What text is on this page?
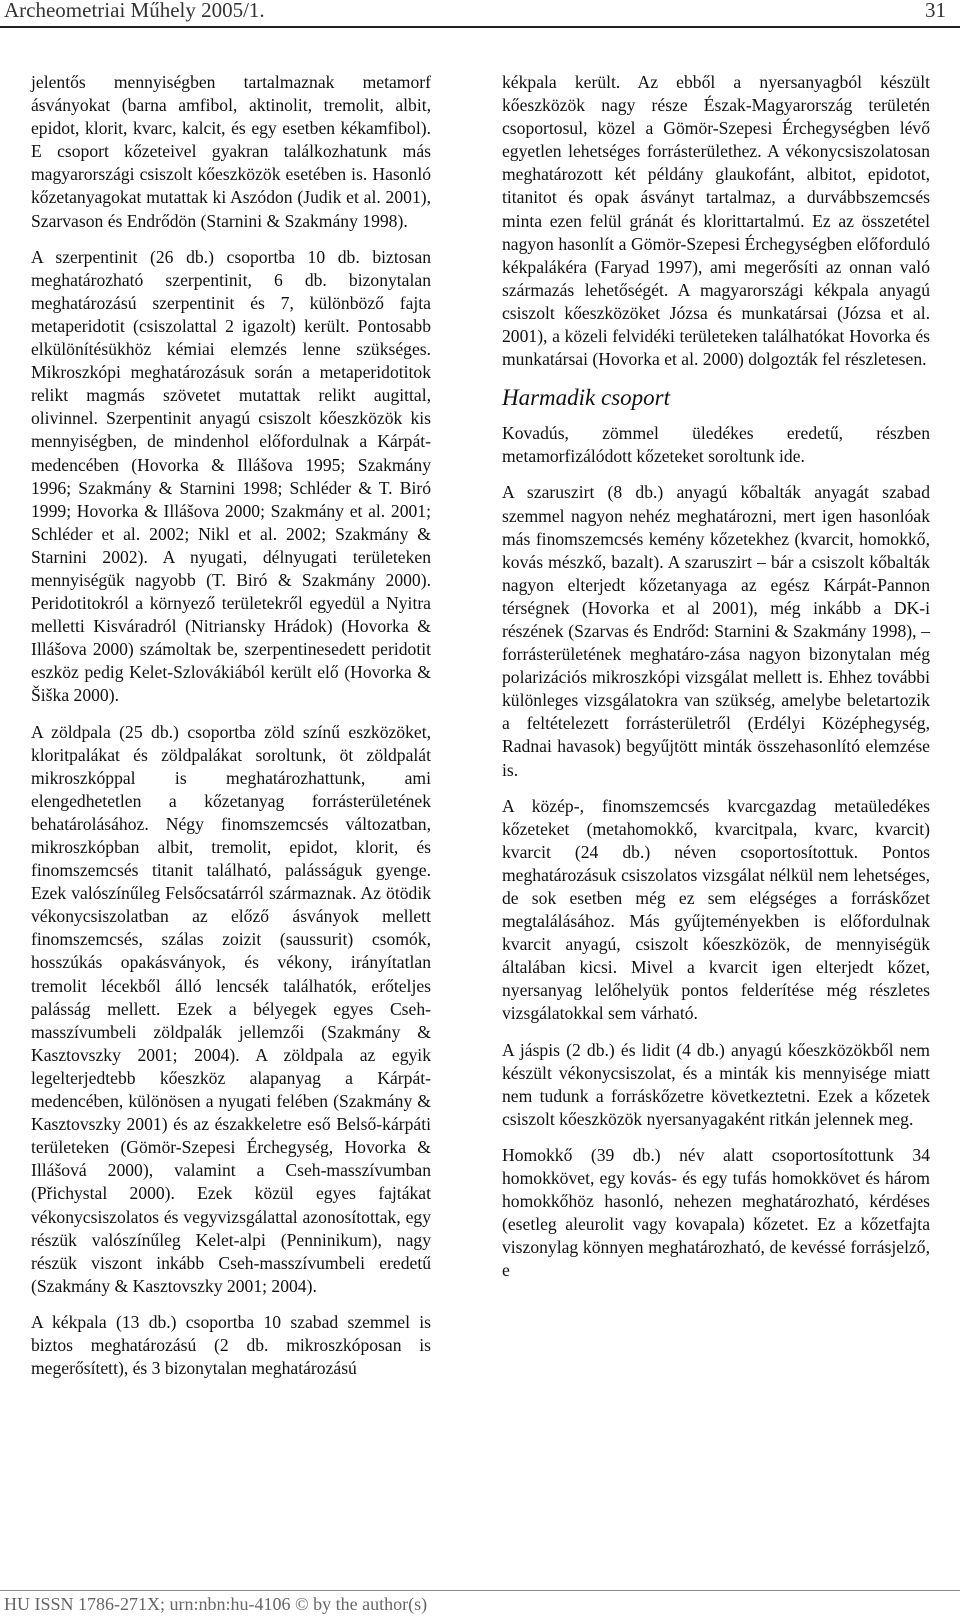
Archeometriai Műhely 2005/1.	31

jelentős mennyiségben tartalmaznak metamorf ásványokat (barna amfibol, aktinolit, tremolit, albit, epidot, klorit, kvarc, kalcit, és egy esetben kékamfibol). E csoport kőzeteivel gyakran találkozhatunk más magyarországi csiszolt kőeszközök esetében is. Hasonló kőzetanyagokat mutattak ki Aszódon (Judik et al. 2001), Szarvason és Endrődön (Starnini & Szakmány 1998).

A szerpentinit (26 db.) csoportba 10 db. biztosan meghatározható szerpentinit, 6 db. bizonytalan meghatározású szerpentinit és 7, különböző fajta metaperidotit (csiszolattal 2 igazolt) került. Pontosabb elkülönítésükhöz kémiai elemzés lenne szükséges. Mikroszkópi meghatározásuk során a metaperidotitok relikt magmás szövetet mutattak relikt augittal, olivinnel. Szerpentinit anyagú csiszolt kőeszközök kis mennyiségben, de mindenhol előfordulnak a Kárpát-medencében (Hovorka & Illášova 1995; Szakmány 1996; Szakmány & Starnini 1998; Schléder & T. Biró 1999; Hovorka & Illášova 2000; Szakmány et al. 2001; Schléder et al. 2002; Nikl et al. 2002; Szakmány & Starnini 2002). A nyugati, délnyugati területeken mennyiségük nagyobb (T. Biró & Szakmány 2000). Peridotitokról a környező területekről egyedül a Nyitra melletti Kisváradról (Nitriansky Hrádok) (Hovorka & Illášova 2000) számoltak be, szerpentinesedett peridotit eszköz pedig Kelet-Szlovákiából került elő (Hovorka & Šiška 2000).

A zöldpala (25 db.) csoportba zöld színű eszközöket, kloritpalákat és zöldpalákat soroltunk, öt zöldpalát mikroszkóppal is meghatározhattunk, ami elengedhetetlen a kőzetanyag forrásterületének behatárolásához. Négy finomszemcsés változatban, mikroszkópban albit, tremolit, epidot, klorit, és finomszemcsés titanit található, palásságuk gyenge. Ezek valószínűleg Felsőcsatárról származnak. Az ötödik vékonycsiszolatban az előző ásványok mellett finomszemcsés, szálas zoizit (saussurit) csomók, hosszúkás opakásványok, és vékony, irányítatlan tremolit lécekből álló lencsék találhatók, erőteljes palásság mellett. Ezek a bélyegek egyes Cseh-masszívumbeli zöldpalák jellemzői (Szakmány & Kasztovszky 2001; 2004). A zöldpala az egyik legelterjedtebb kőeszköz alapanyag a Kárpát-medencében, különösen a nyugati felében (Szakmány & Kasztovszky 2001) és az északkeletre eső Belső-kárpáti területeken (Gömör-Szepesi Érchegység, Hovorka & Illášová 2000), valamint a Cseh-masszívumban (Přichystal 2000). Ezek közül egyes fajtákat vékonycsiszolatos és vegyvizsgálattal azonosítottak, egy részük valószínűleg Kelet-alpi (Penninikum), nagy részük viszont inkább Cseh-masszívumbeli eredetű (Szakmány & Kasztovszky 2001; 2004).

A kékpala (13 db.) csoportba 10 szabad szemmel is biztos meghatározású (2 db. mikroszkóposan is megerősített), és 3 bizonytalan meghatározású

kékpala került. Az ebből a nyersanyagból készült kőeszközök nagy része Észak-Magyarország területén csoportosul, közel a Gömör-Szepesi Érchegységben lévő egyetlen lehetséges forrásterülethez. A vékonycsiszolatosan meghatározott két példány glaukofánt, albitot, epidotot, titanitot és opak ásványt tartalmaz, a durvábbszemcsés minta ezen felül gránát és klorittartalmú. Ez az összetétel nagyon hasonlít a Gömör-Szepesi Érchegységben előforduló kékpalákéra (Faryad 1997), ami megerősíti az onnan való származás lehetőségét. A magyarországi kékpala anyagú csiszolt kőeszközöket Józsa és munkatársai (Józsa et al. 2001), a közeli felvidéki területeken találhatókat Hovorka és munkatársai (Hovorka et al. 2000) dolgozták fel részletesen.

Harmadik csoport

Kovadús, zömmel üledékes eredetű, részben metamorfizálódott kőzeteket soroltunk ide.

A szaruszirt (8 db.) anyagú kőbalták anyagát szabad szemmel nagyon nehéz meghatározni, mert igen hasonlóak más finomszemcsés kemény kőzetekhez (kvarcit, homokkő, kovás mészkő, bazalt). A szaruszirt – bár a csiszolt kőbalták nagyon elterjedt kőzetanyaga az egész Kárpát-Pannon térségnek (Hovorka et al 2001), még inkább a DK-i részének (Szarvas és Endrőd: Starnini & Szakmány 1998), – forrásterületének meghatáro-zása nagyon bizonytalan még polarizációs mikroszkópi vizsgálat mellett is. Ehhez további különleges vizsgálatokra van szükség, amelybe beletartozik a feltételezett forrásterületről (Erdélyi Középhegység, Radnai havasok) begyűjtött minták összehasonlító elemzése is.

A közép-, finomszemcsés kvarcgazdag metaüledékes kőzeteket (metahomokkő, kvarcitpala, kvarc, kvarcit) kvarcit (24 db.) néven csoportosítottuk. Pontos meghatározásuk csiszolatos vizsgálat nélkül nem lehetséges, de sok esetben még ez sem elégséges a forráskőzet megtalálásához. Más gyűjteményekben is előfordulnak kvarcit anyagú, csiszolt kőeszközök, de mennyiségük általában kicsi. Mivel a kvarcit igen elterjedt kőzet, nyersanyag lelőhelyük pontos felderítése még részletes vizsgálatokkal sem várható.

A jáspis (2 db.) és lidit (4 db.) anyagú kőeszközökből nem készült vékonycsiszolat, és a minták kis mennyisége miatt nem tudunk a forráskőzetre következtetni. Ezek a kőzetek csiszolt kőeszközök nyersanyagaként ritkán jelennek meg.

Homokkő (39 db.) név alatt csoportosítottunk 34 homokkövet, egy kovás- és egy tufás homokkövet és három homokkőhöz hasonló, nehezen meghatározható, kérdéses (esetleg aleurolit vagy kovapala) kőzetet. Ez a kőzetfajta viszonylag könnyen meghatározható, de kevéssé forrásjelző, e

HU ISSN 1786-271X; urn:nbn:hu-4106 © by the author(s)
